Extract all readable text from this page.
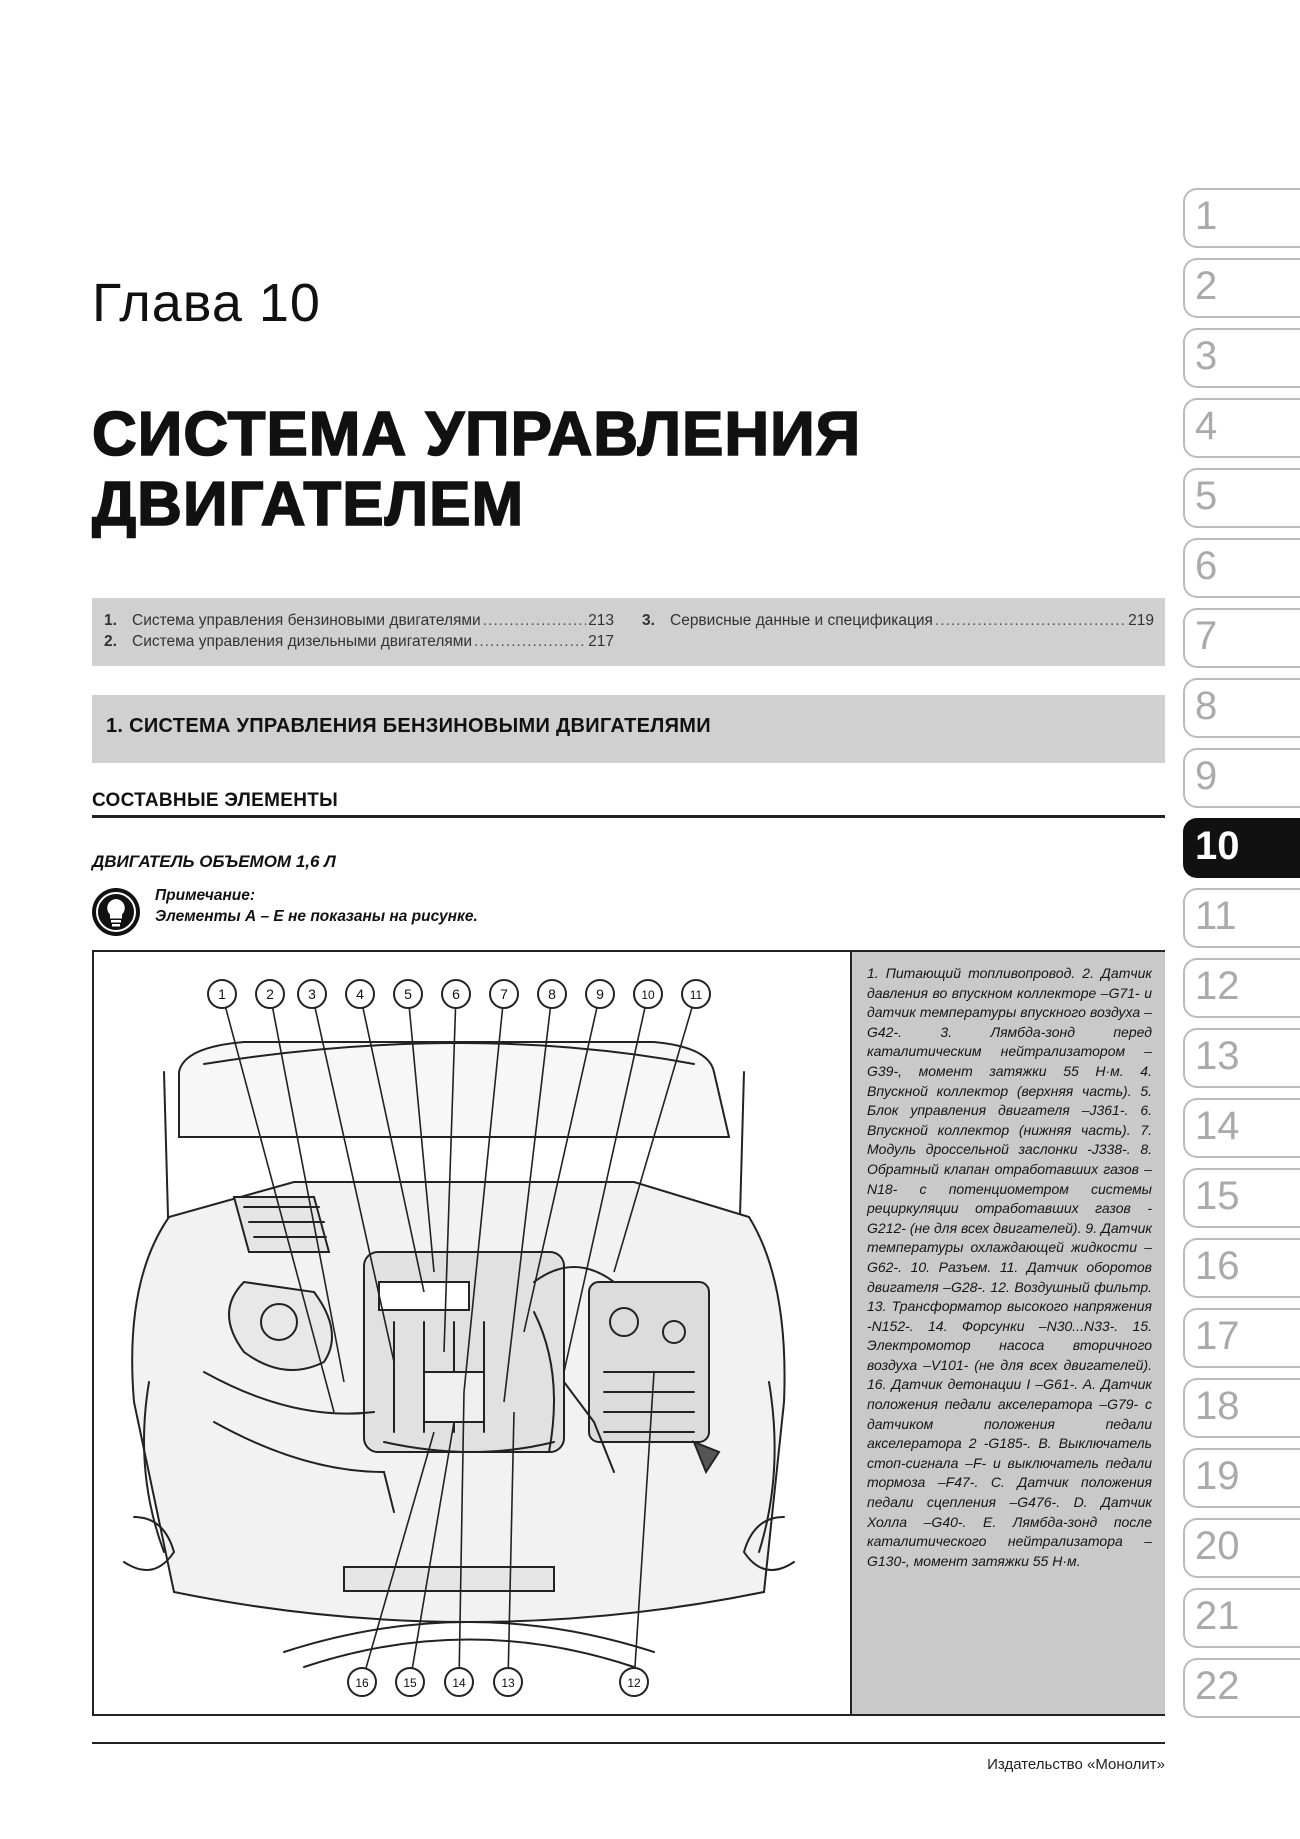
Глава 10
СИСТЕМА УПРАВЛЕНИЯ
ДВИГАТЕЛЕМ
1. Система управления бензиновыми двигателями .....	213
2. Система управления дизельными двигателями .....	217
3. Сервисные данные и спецификация .....	219
1. СИСТЕМА УПРАВЛЕНИЯ БЕНЗИНОВЫМИ ДВИГАТЕЛЯМИ
СОСТАВНЫЕ ЭЛЕМЕНТЫ
ДВИГАТЕЛЬ ОБЪЕМОМ 1,6 Л
Примечание:
Элементы А – Е не показаны на рисунке.
1	2 3	4	5	6	7	8	9	10	11
16	15	14	13	12
1. Питающий топливопровод. 2. Датчик давления во впускном коллекторе –G71- и датчик температуры впускного воздуха –G42-. 3. Лямбда-зонд перед каталитическим нейтрализатором –G39-, момент затяжки 55 Н·м. 4. Впускной коллектор (верхняя часть). 5. Блок управления двигателя –J361-. 6. Впускной коллектор (нижняя часть). 7. Модуль дроссельной заслонки -J338-. 8. Обратный клапан отработавших газов –N18- с потенциометром системы рециркуляции отработавших газов -G212- (не для всех двигателей). 9. Датчик температуры охлаждающей жидкости –G62-. 10. Разъем. 11. Датчик оборотов двигателя –G28-. 12. Воздушный фильтр. 13. Трансформатор высокого напряжения -N152-. 14. Форсунки –N30...N33-. 15. Электромотор насоса вторичного воздуха –V101- (не для всех двигателей). 16. Датчик детонации I –G61-. A. Датчик положения педали акселератора –G79- с датчиком положения педали акселератора 2 -G185-. B. Выключатель стоп-сигнала –F- и выключатель педали тормоза –F47-. C. Датчик положения педали сцепления –G476-. D. Датчик Холла –G40-. E. Лямбда-зонд после каталитического нейтрализатора –G130-, момент затяжки 55 Н·м.
Издательство «Монолит»
1
2
3
4
5
6
7
8
9
10
11
12
13
14
15
16
17
18
19
20
21
22
